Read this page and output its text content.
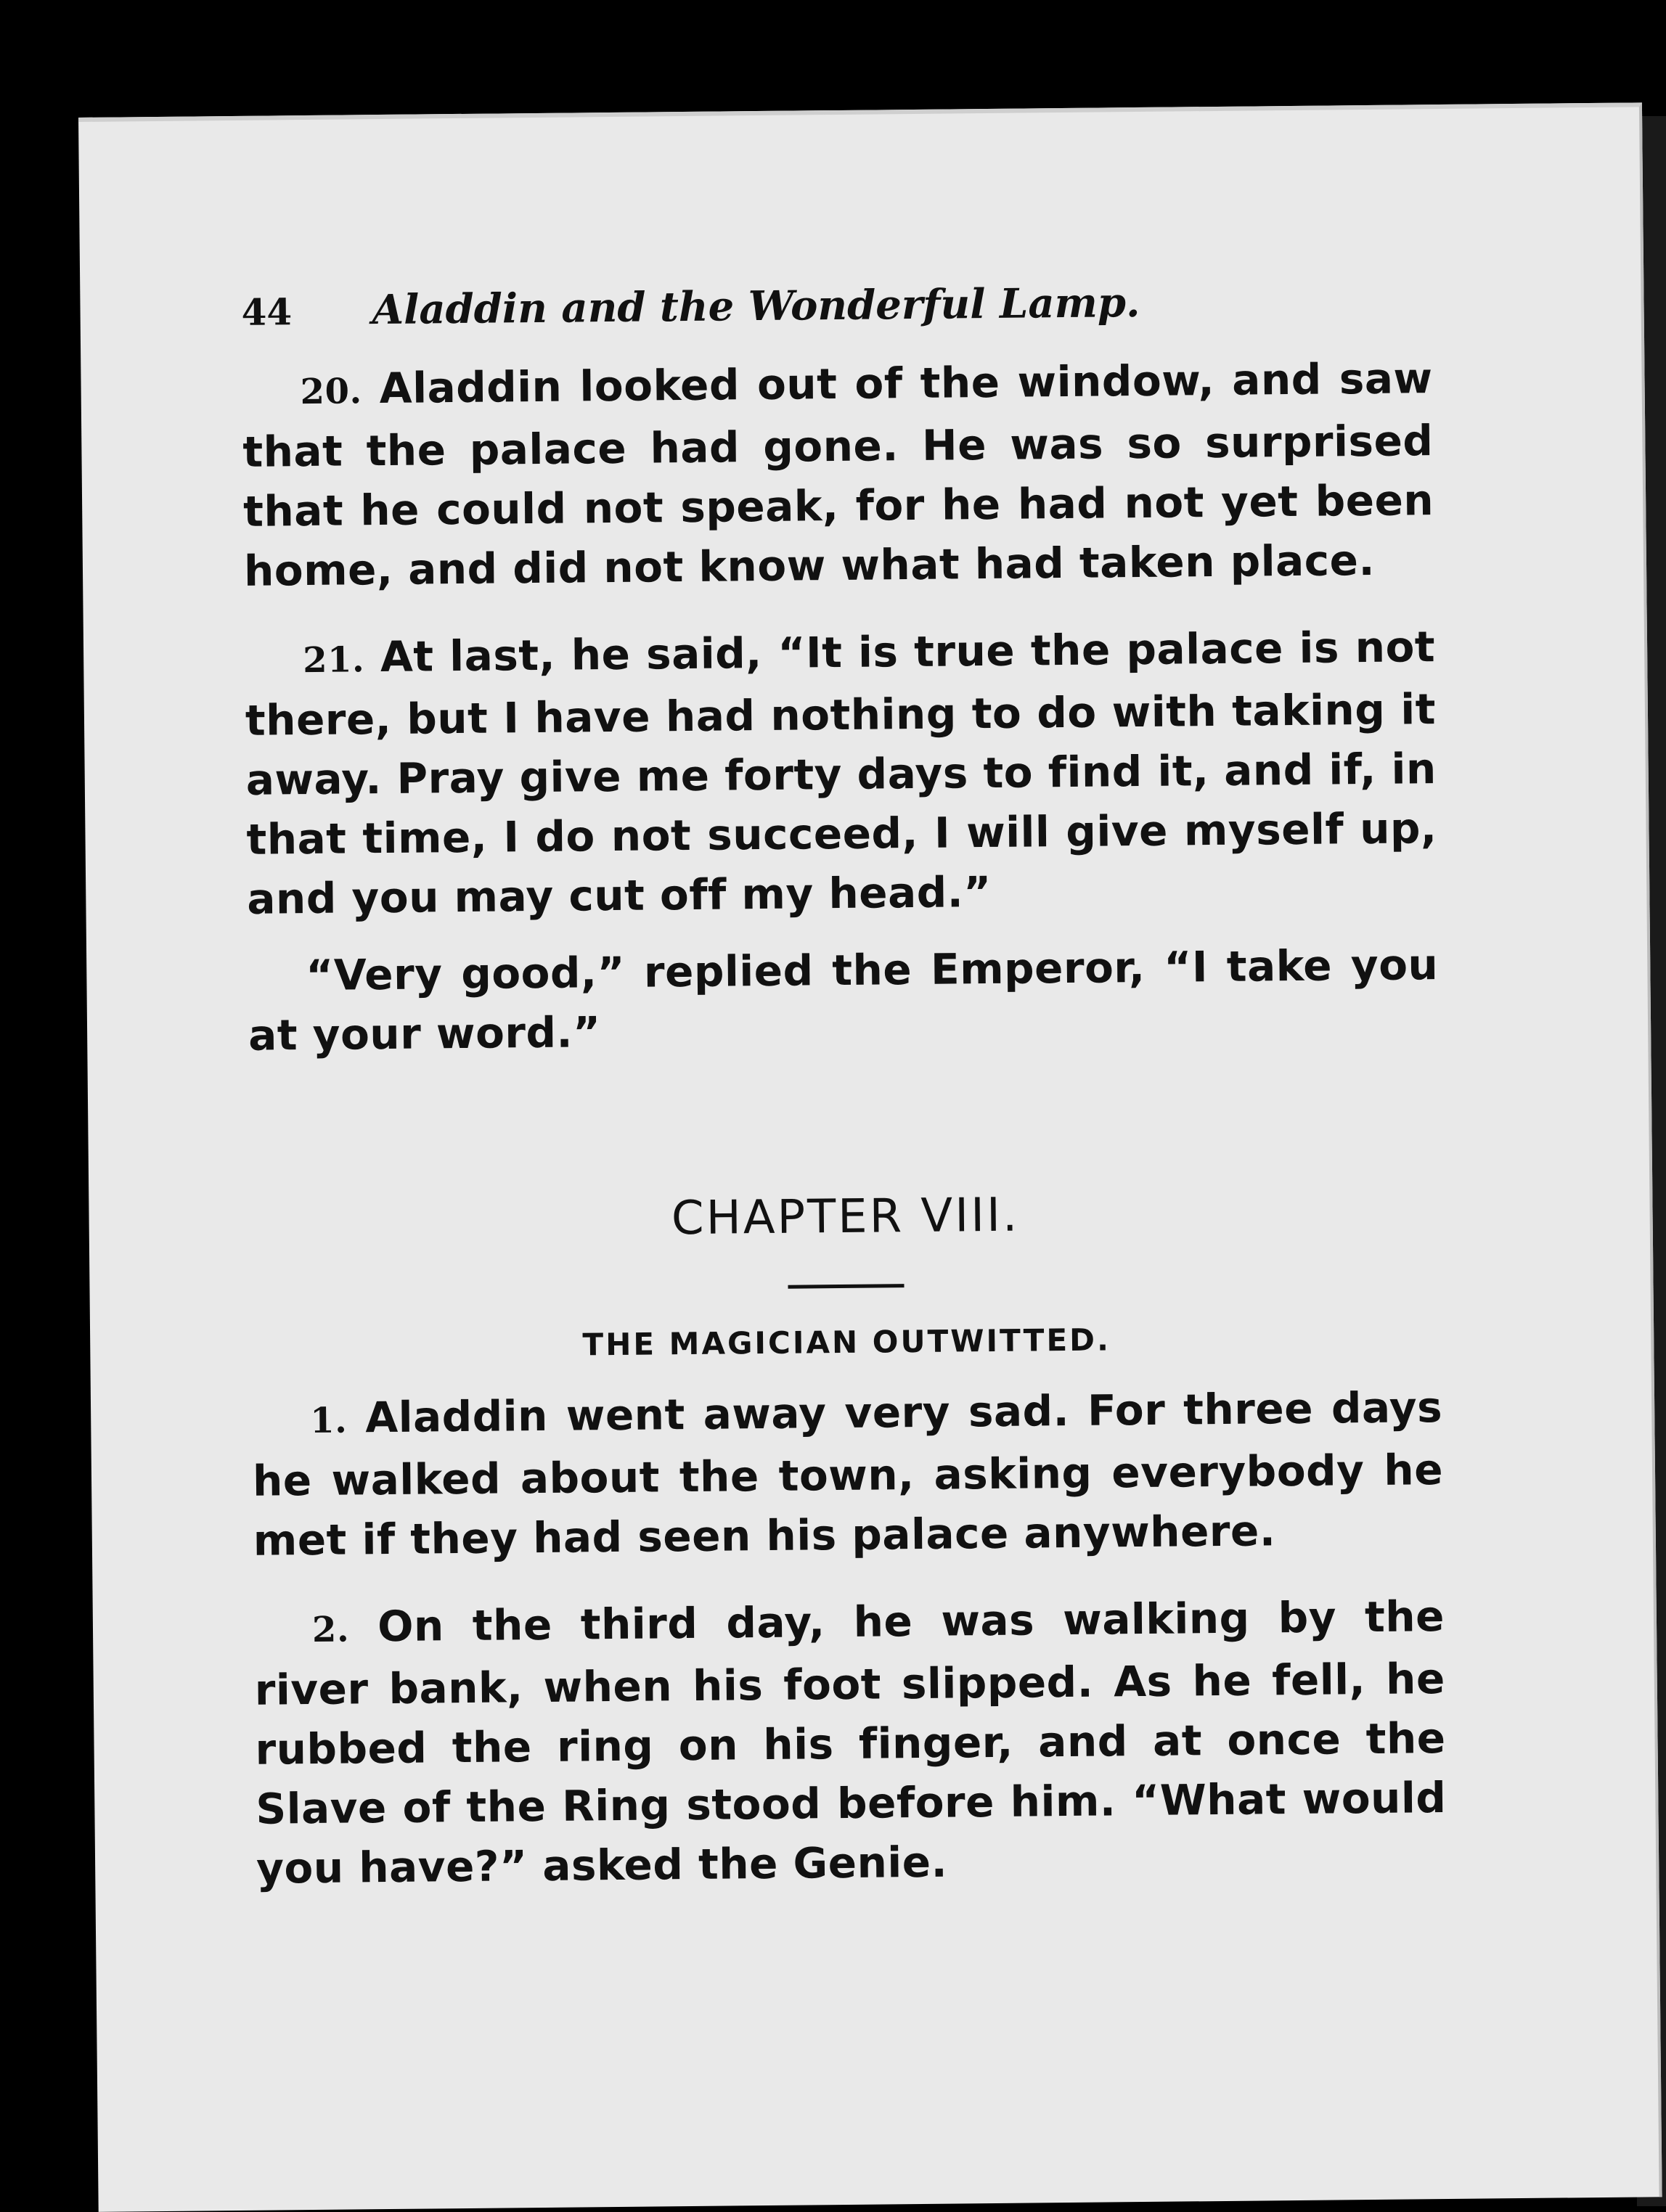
44	Aladdin and the Wonderful Lamp.

20. Aladdin looked out of the window, and saw that the palace had gone. He was so surprised that he could not speak, for he had not yet been home, and did not know what had taken place.

21. At last, he said, “It is true the palace is not there, but I have had nothing to do with taking it away. Pray give me forty days to find it, and if, in that time, I do not succeed, I will give myself up, and you may cut off my head.”

“Very good,” replied the Emperor, “I take you at your word.”

CHAPTER VIII.
THE MAGICIAN OUTWITTED.

1. Aladdin went away very sad. For three days he walked about the town, asking everybody he met if they had seen his palace anywhere.

2. On the third day, he was walking by the river bank, when his foot slipped. As he fell, he rubbed the ring on his finger, and at once the Slave of the Ring stood before him. “What would you have?” asked the Genie.
